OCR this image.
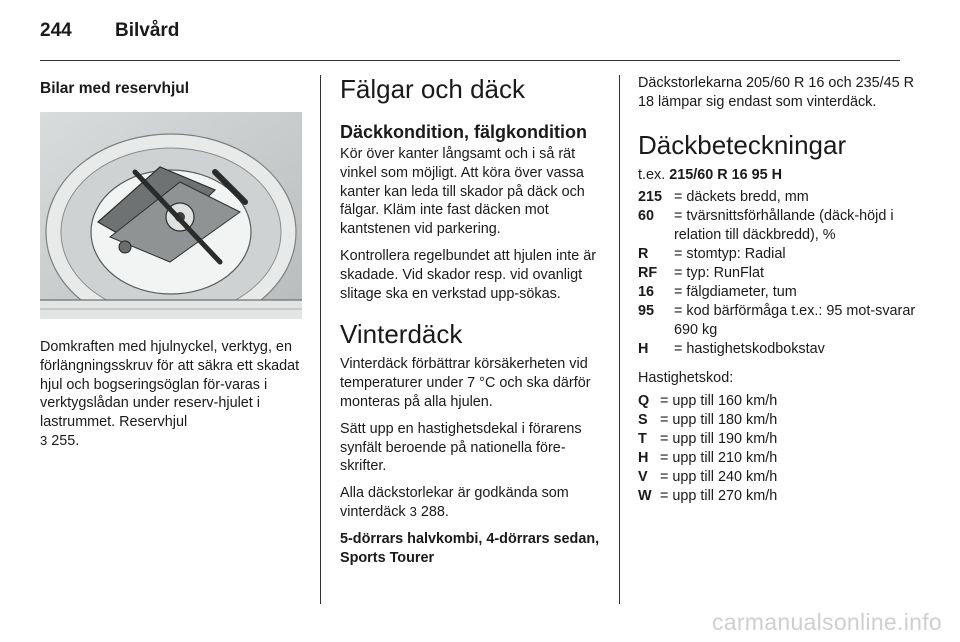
244 Bilvård
Bilar med reservhjul

Domkraften med hjulnyckel, verktyg, en förlängningsskruv för att säkra ett skadat hjul och bogseringsöglan för-varas i verktygslådan under reserv-hjulet i lastrummet. Reservhjul
3 255.

Fälgar och däck
Däckkondition, fälgkondition

Kör över kanter långsamt och i så rät vinkel som möjligt. Att köra över vassa kanter kan leda till skador på däck och fälgar. Kläm inte fast däcken mot kantstenen vid parkering.

Kontrollera regelbundet att hjulen inte är skadade. Vid skador resp. vid ovanligt slitage ska en verkstad upp-sökas.

Vinterdäck

Vinterdäck förbättrar körsäkerheten vid temperaturer under 7 °C och ska därför monteras på alla hjulen.

Sätt upp en hastighetsdekal i förarens synfält beroende på nationella före-skrifter.

Alla däckstorlekar är godkända som vinterdäck 3 288.

5-dörrars halvkombi, 4-dörrars sedan, Sports Tourer

Däckstorlekarna 205/60 R 16 och 235/45 R 18 lämpar sig endast som vinterdäck.

Däckbeteckningar

t.ex. 215/60 R 16 95 H

215 = däckets bredd, mm
60	= tvärsnittsförhållande (däck-höjd i relation till däckbredd), %
R	= stomtyp: Radial
RF	= typ: RunFlat
16	= fälgdiameter, tum
95	= kod bärförmåga t.ex.: 95 mot-svarar 690 kg
H	= hastighetskodbokstav

Hastighetskod:

Q = upp till 160 km/h
S = upp till 180 km/h
T = upp till 190 km/h
H = upp till 210 km/h
V = upp till 240 km/h
W = upp till 270 km/h
carmanualsonline.info
